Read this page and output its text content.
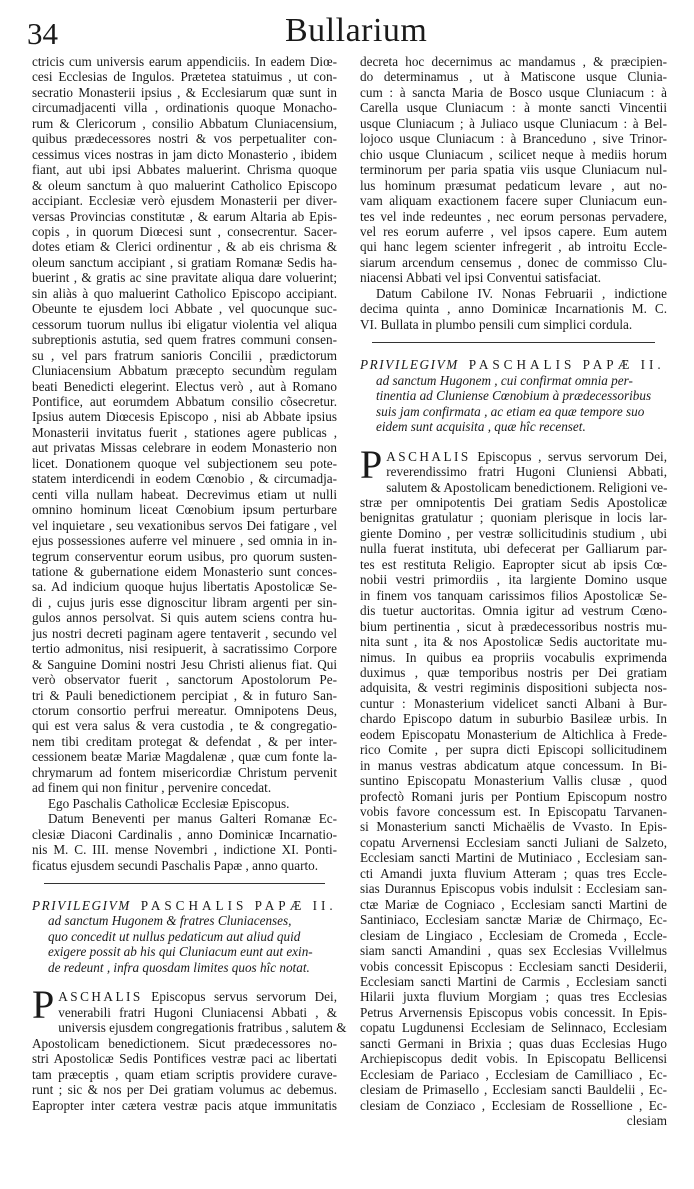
34	Bullarium
ctricis cum universis earum appendiciis. In eadem Diœ-
cesi Ecclesias de Ingulos. Prætetea statuimus , ut con-
secratio Monasterii ipsius , & Ecclesiarum quæ sunt in
circumadjacenti villa , ordinationis quoque Monacho-
rum & Clericorum , consilio Abbatum Cluniacensium,
quibus prædecessores nostri & vos perpetualiter con-
cessimus vices nostras in jam dicto Monasterio , ibidem
fiant, aut ubi ipsi Abbates maluerint. Chrisma quoque
& oleum sanctum à quo maluerint Catholico Episcopo
accipiant. Ecclesiæ verò ejusdem Monasterii per diver-
versas Provincias constitutæ , & earum Altaria ab Epis-
copis , in quorum Diœcesi sunt , consecrentur. Sacer-
dotes etiam & Clerici ordinentur , & ab eis chrisma &
oleum sanctum accipiant , si gratiam Romanæ Sedis ha-
buerint , & gratis ac sine pravitate aliqua dare voluerint;
sin aliàs à quo maluerint Catholico Episcopo accipiant.
Obeunte te ejusdem loci Abbate , vel quocunque suc-
cessorum tuorum nullus ibi eligatur violentia vel aliqua
subreptionis astutia, sed quem fratres communi consen-
su , vel pars fratrum sanioris Concilii , prædictorum
Cluniacensium Abbatum præcepto secundùm regulam
beati Benedicti elegerint. Electus verò , aut à Romano
Pontifice, aut eorumdem Abbatum consilio cõsecretur.
Ipsius autem Diœcesis Episcopo , nisi ab Abbate ipsius
Monasterii invitatus fuerit , stationes agere publicas ,
aut privatas Missas celebrare in eodem Monasterio non
licet. Donationem quoque vel subjectionem seu pote-
statem interdicendi in eodem Cœnobio , & circumadja-
centi villa nullam habeat. Decrevimus etiam ut nulli
omnino hominum liceat Cœnobium ipsum perturbare
vel inquietare , seu vexationibus servos Dei fatigare , vel
ejus possessiones auferre vel minuere , sed omnia in in-
tegrum conserventur eorum usibus, pro quorum susten-
tatione & gubernatione eidem Monasterio sunt conces-
sa. Ad indicium quoque hujus libertatis Apostolicæ Se-
di , cujus juris esse dignoscitur libram argenti per sin-
gulos annos persolvat. Si quis autem sciens contra hu-
jus nostri decreti paginam agere tentaverit , secundo vel
tertio admonitus, nisi resipuerit, à sacratissimo Corpore
& Sanguine Domini nostri Jesu Christi alienus fiat. Qui
verò observator fuerit , sanctorum Apostolorum Pe-
tri & Pauli benedictionem percipiat , & in futuro San-
ctorum consortio perfrui mereatur. Omnipotens Deus,
qui est vera salus & vera custodia , te & congregatio-
nem tibi creditam protegat & defendat , & per inter-
cessionem beatæ Mariæ Magdalenæ , quæ cum fonte la-
chrymarum ad fontem misericordiæ Christum pervenit
ad finem qui non finitur , pervenire concedat.
Ego Paschalis Catholicæ Ecclesiæ Episcopus.
Datum Beneventi per manus Galteri Romanæ Ec-
clesiæ Diaconi Cardinalis , anno Dominicæ Incarnatio-
nis M. C. III. mense Novembri , indictione XI. Ponti-
ficatus ejusdem secundi Paschalis Papæ , anno quarto.
PRIVILEGIVM PASCHALIS PAPÆ II.
ad sanctum Hugonem & fratres Cluniacenses,
quo concedit ut nullus pedaticum aut aliud quid
exigere possit ab his qui Cluniacum eunt aut exin-
de redeunt , infra quosdam limites quos hîc notat.
P ASCHALIS Episcopus servus servorum Dei,
venerabili fratri Hugoni Cluniacensi Abbati , &
universis ejusdem congregationis fratribus , salutem &
Apostolicam benedictionem. Sicut prædecessores no-
stri Apostolicæ Sedis Pontifices vestræ paci ac libertati
tam præceptis , quam etiam scriptis providere curave-
runt ; sic & nos per Dei gratiam volumus ac debemus.
Eapropter inter cætera vestræ pacis atque immunitatis
decreta hoc decernimus ac mandamus , & præcipien-
do determinamus , ut à Matiscone usque Clunia-
cum : à sancta Maria de Bosco usque Cluniacum : à
Carella usque Cluniacum : à monte sancti Vincentii
usque Cluniacum ; à Juliaco usque Cluniacum : à Bel-
lojoco usque Cluniacum : à Branceduno , sive Trinor-
chio usque Cluniacum , scilicet neque à mediis horum
terminorum per paria spatia viis usque Cluniacum nul-
lus hominum præsumat pedaticum levare , aut no-
vam aliquam exactionem facere super Cluniacum eun-
tes vel inde redeuntes , nec eorum personas pervadere,
vel res eorum auferre , vel ipsos capere. Eum autem
qui hanc legem scienter infregerit , ab introitu Eccle-
siarum arcendum censemus , donec de commisso Clu-
niacensi Abbati vel ipsi Conventui satisfaciat.
Datum Cabilone IV. Nonas Februarii , indictione
decima quinta , anno Dominicæ Incarnationis M. C.
VI. Bullata in plumbo pensili cum simplici cordula.
PRIVILEGIVM PASCHALIS PAPÆ II.
ad sanctum Hugonem , cui confirmat omnia per-
tinentia ad Cluniense Cœnobium à prædecessoribus
suis jam confirmata , ac etiam ea quæ tempore suo
eidem sunt acquisita , quæ hîc recenset.
P ASCHALIS Episcopus , servus servorum Dei,
reverendissimo fratri Hugoni Cluniensi Abbati,
salutem & Apostolicam benedictionem. Religioni ve-
stræ per omnipotentis Dei gratiam Sedis Apostolicæ
benignitas gratulatur ; quoniam plerisque in locis lar-
giente Domino , per vestræ sollicitudinis studium , ubi
nulla fuerat instituta, ubi defecerat per Galliarum par-
tes est restituta Religio. Eapropter sicut ab ipsis Cœ-
nobii vestri primordiis , ita largiente Domino usque
in finem vos tanquam carissimos filios Apostolicæ Se-
dis tuetur auctoritas. Omnia igitur ad vestrum Cœno-
bium pertinentia , sicut à prædecessoribus nostris mu-
nita sunt , ita & nos Apostolicæ Sedis auctoritate mu-
nimus. In quibus ea propriis vocabulis exprimenda
duximus , quæ temporibus nostris per Dei gratiam
adquisita, & vestri regiminis dispositioni subjecta nos-
cuntur : Monasterium videlicet sancti Albani à Bur-
chardo Episcopo datum in suburbio Basileæ urbis. In
eodem Episcopatu Monasterium de Altichlica à Frede-
rico Comite , per supra dicti Episcopi sollicitudinem
in manus vestras abdicatum atque concessum. In Bi-
suntino Episcopatu Monasterium Vallis clusæ , quod
profectò Romani juris per Pontium Episcopum nostro
vobis favore concessum est. In Episcopatu Tarvanen-
si Monasterium sancti Michaëlis de Vvasto. In Epis-
copatu Arvernensi Ecclesiam sancti Juliani de Salzeto,
Ecclesiam sancti Martini de Mutiniaco , Ecclesiam san-
cti Amandi juxta fluvium Atteram ; quas tres Eccle-
sias Durannus Episcopus vobis indulsit : Ecclesiam san-
ctæ Mariæ de Cogniaco , Ecclesiam sancti Martini de
Santiniaco, Ecclesiam sanctæ Mariæ de Chirmaço, Ec-
clesiam de Lingiaco , Ecclesiam de Cromeda , Eccle-
siam sancti Amandini , quas sex Ecclesias Vvillelmus
vobis concessit Episcopus : Ecclesiam sancti Desiderii,
Ecclesiam sancti Martini de Carmis , Ecclesiam sancti
Hilarii juxta fluvium Morgiam ; quas tres Ecclesias
Petrus Arvernensis Episcopus vobis concessit. In Epis-
copatu Lugdunensi Ecclesiam de Selinnaco, Ecclesiam
sancti Germani in Brixia ; quas duas Ecclesias Hugo
Archiepiscopus dedit vobis. In Episcopatu Bellicensi
Ecclesiam de Pariaco , Ecclesiam de Camilliaco , Ec-
clesiam de Primasello , Ecclesiam sancti Bauldelii , Ec-
clesiam de Conziaco , Ecclesiam de Rossellione , Ec-
clesiam
